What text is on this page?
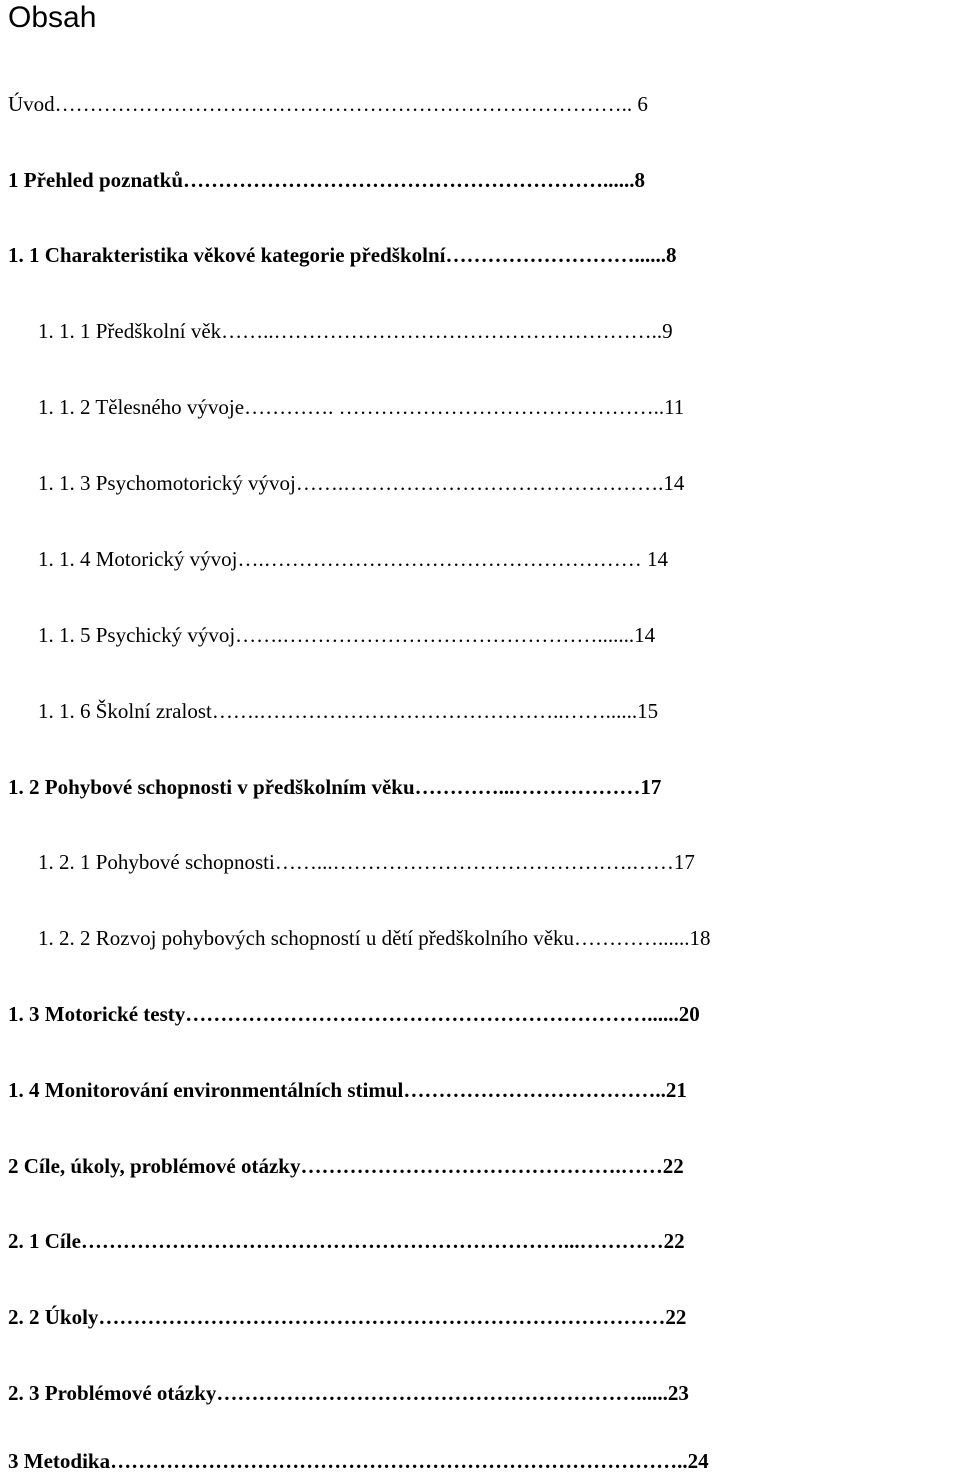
Obsah
Úvod……………………………………………………………………….. 6
1 Přehled poznatků……………………………………………………......8
1. 1 Charakteristika věkové kategorie předškolní………………………......8
1. 1. 1 Předškolní věk……..………………………………………………..9
1. 1. 2 Tělesného vývoje…………. ………………………………………..11
1. 1. 3 Psychomotorický vývoj…….……………………………………….14
1. 1. 4 Motorický vývoj….……………………………………………… 14
1. 1. 5 Psychický vývoj…….……………………………………….......14
1. 1. 6 Školní zralost…….……………………………………..……......15
1. 2 Pohybové schopnosti v předškolním věku…………...………………17
1. 2. 1 Pohybové schopnosti……...…………………………………….……17
1. 2. 2 Rozvoj pohybových schopností u dětí předškolního věku…………......18
1. 3 Motorické testy…………………………………………………………......20
1. 4 Monitorování environmentálních stimul………………………………..21
2 Cíle, úkoly, problémové otázky……………………………………….……22
2. 1 Cíle……………………………………………………………...…………22
2. 2 Úkoly………………………………………………………………………22
2. 3 Problémové otázky……………………………………………………......23
3 Metodika………………………………………………………………………..24
